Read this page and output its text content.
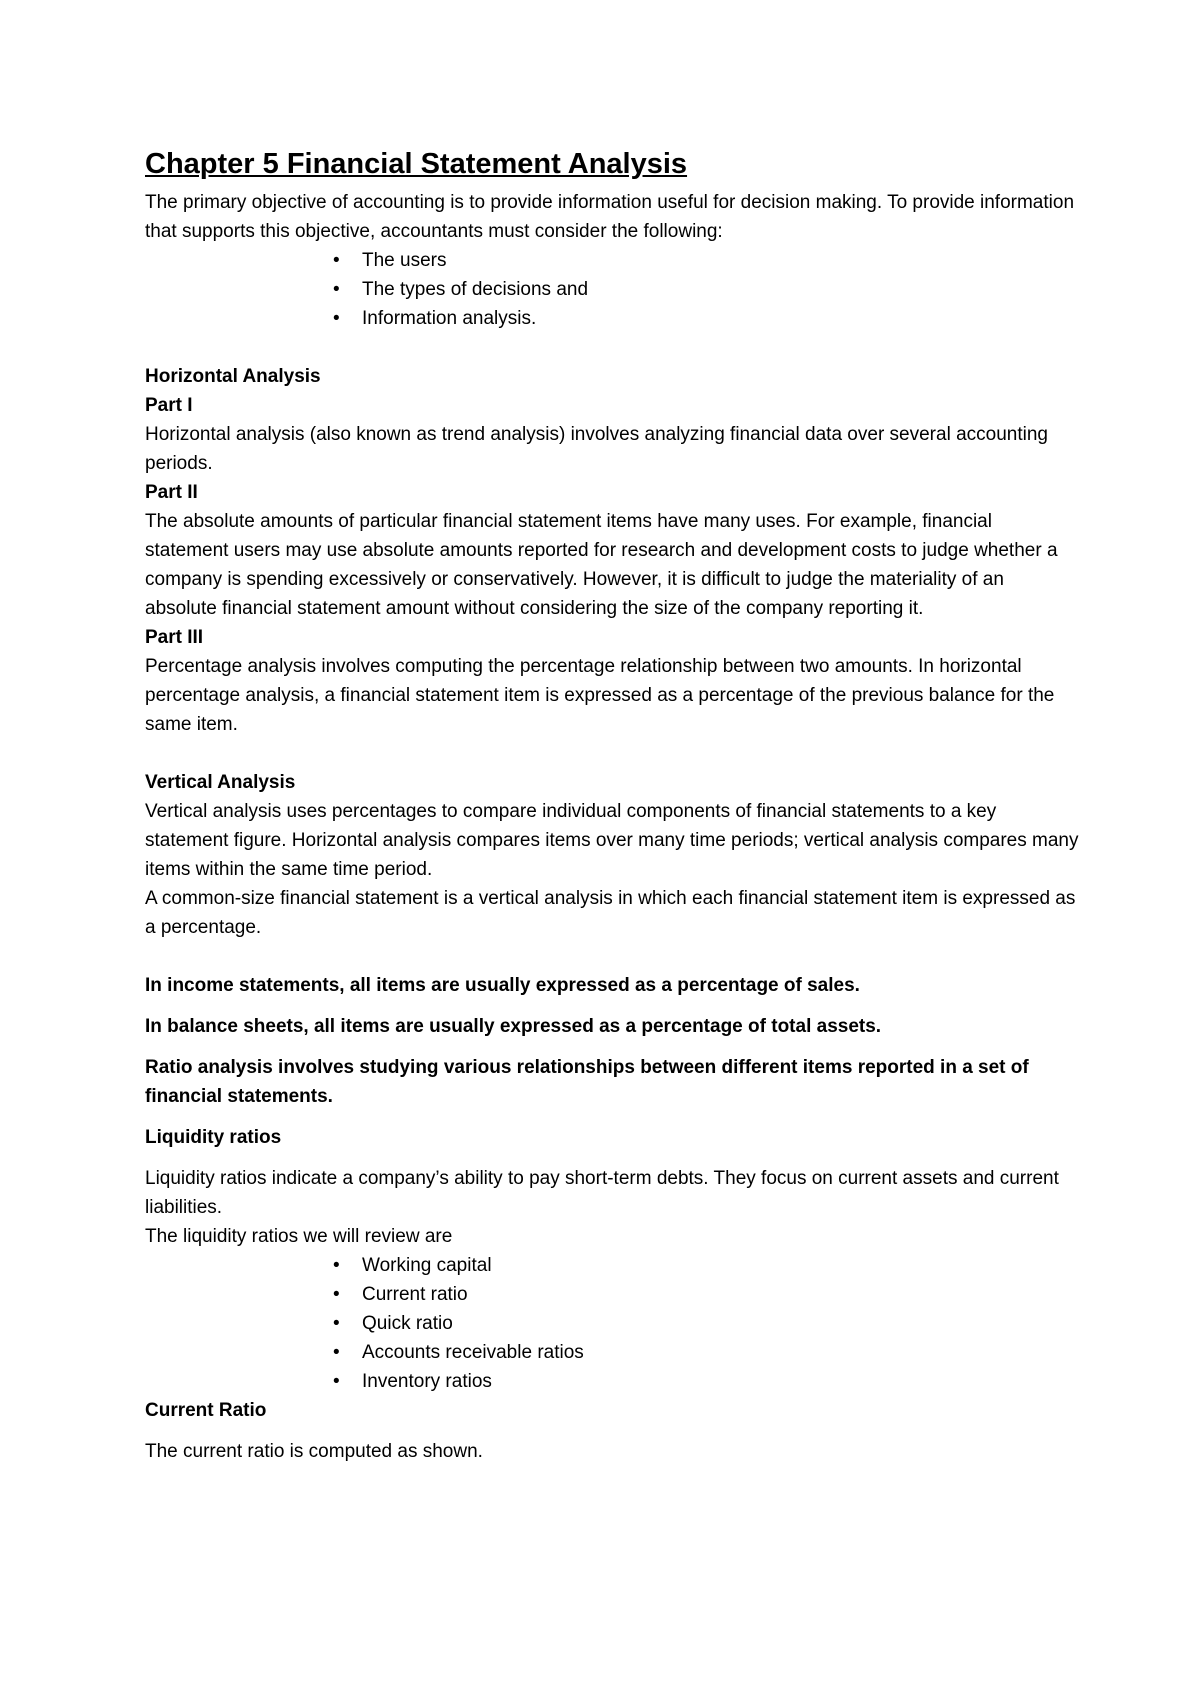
Chapter 5 Financial Statement Analysis

The primary objective of accounting is to provide information useful for decision making. To provide information that supports this objective, accountants must consider the following:

• The users
• The types of decisions and
• Information analysis.

Horizontal Analysis

Part I

Horizontal analysis (also known as trend analysis) involves analyzing financial data over several accounting periods.

Part II

The absolute amounts of particular financial statement items have many uses. For example, financial statement users may use absolute amounts reported for research and development costs to judge whether a company is spending excessively or conservatively. However, it is difficult to judge the materiality of an absolute financial statement amount without considering the size of the company reporting it.

Part III

Percentage analysis involves computing the percentage relationship between two amounts. In horizontal percentage analysis, a financial statement item is expressed as a percentage of the previous balance for the same item.

Vertical Analysis

Vertical analysis uses percentages to compare individual components of financial statements to a key statement figure. Horizontal analysis compares items over many time periods; vertical analysis compares many items within the same time period.

A common-size financial statement is a vertical analysis in which each financial statement item is expressed as a percentage.

In income statements, all items are usually expressed as a percentage of sales.

In balance sheets, all items are usually expressed as a percentage of total assets.

Ratio analysis involves studying various relationships between different items reported in a set of financial statements.

Liquidity ratios

Liquidity ratios indicate a company’s ability to pay short-term debts. They focus on current assets and current liabilities.

The liquidity ratios we will review are

• Working capital
• Current ratio
• Quick ratio
• Accounts receivable ratios
• Inventory ratios

Current Ratio

The current ratio is computed as shown.
